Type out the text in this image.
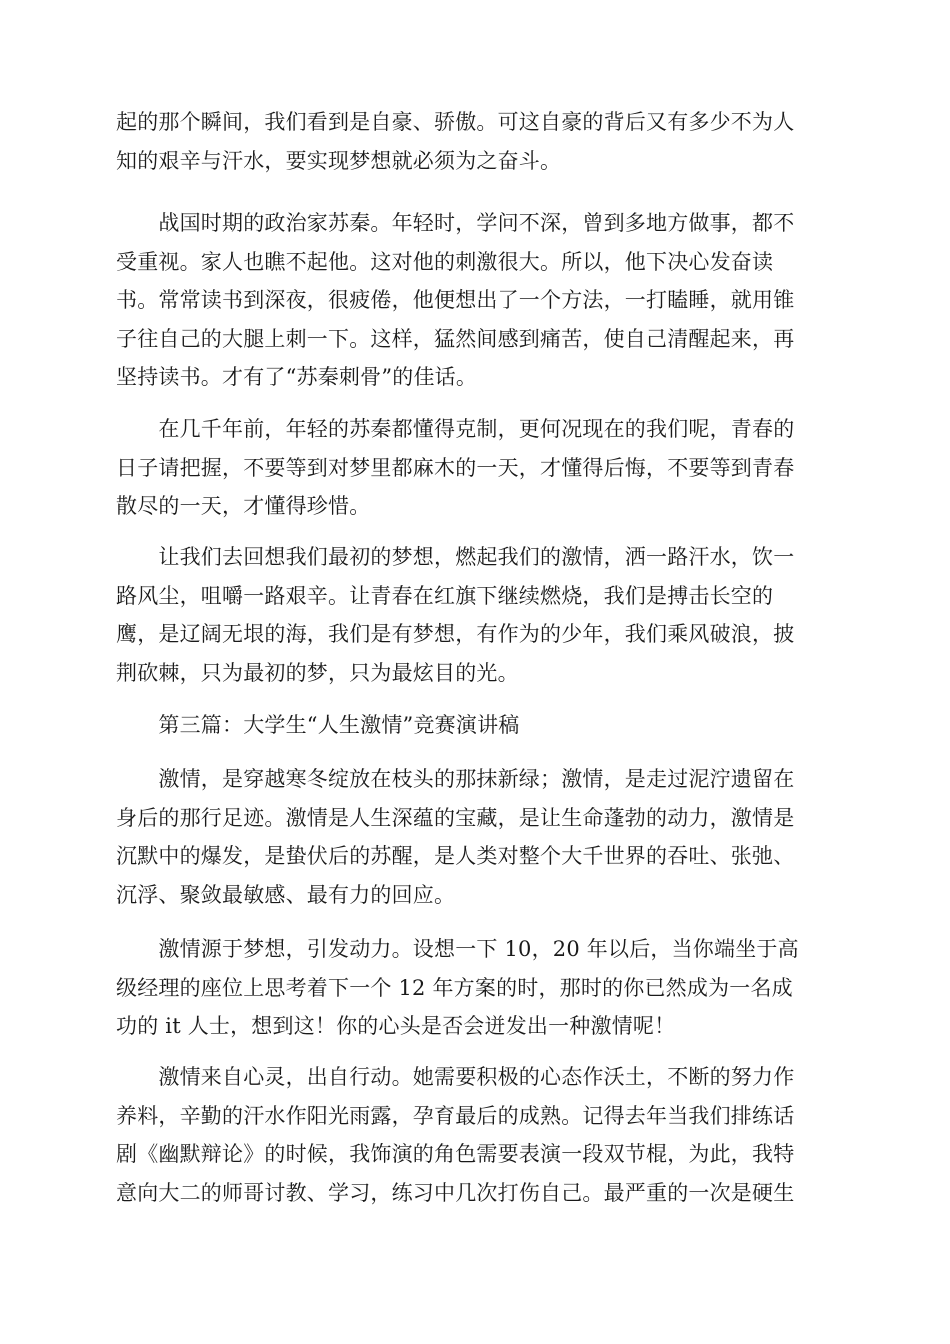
起的那个瞬间，我们看到是自豪、骄傲。可这自豪的背后又有多少不为人
知的艰辛与汗水，要实现梦想就必须为之奋斗。

　　战国时期的政治家苏秦。年轻时，学问不深，曾到多地方做事，都不
受重视。家人也瞧不起他。这对他的刺激很大。所以，他下决心发奋读
书。常常读书到深夜，很疲倦，他便想出了一个方法，一打瞌睡，就用锥
子往自己的大腿上刺一下。这样，猛然间感到痛苦，使自己清醒起来，再
坚持读书。才有了“苏秦刺骨”的佳话。

　　在几千年前，年轻的苏秦都懂得克制，更何况现在的我们呢，青春的
日子请把握，不要等到对梦里都麻木的一天，才懂得后悔，不要等到青春
散尽的一天，才懂得珍惜。

　　让我们去回想我们最初的梦想，燃起我们的激情，洒一路汗水，饮一
路风尘，咀嚼一路艰辛。让青春在红旗下继续燃烧，我们是搏击长空的
鹰，是辽阔无垠的海，我们是有梦想，有作为的少年，我们乘风破浪，披
荆砍棘，只为最初的梦，只为最炫目的光。

　　第三篇：大学生“人生激情”竞赛演讲稿

　　激情，是穿越寒冬绽放在枝头的那抹新绿；激情，是走过泥泞遗留在
身后的那行足迹。激情是人生深蕴的宝藏，是让生命蓬勃的动力，激情是
沉默中的爆发，是蛰伏后的苏醒，是人类对整个大千世界的吞吐、张弛、
沉浮、聚敛最敏感、最有力的回应。

　　激情源于梦想，引发动力。设想一下 10，20 年以后，当你端坐于高
级经理的座位上思考着下一个 12 年方案的时，那时的你已然成为一名成
功的 it 人士，想到这！你的心头是否会迸发出一种激情呢！

　　激情来自心灵，出自行动。她需要积极的心态作沃土，不断的努力作
养料，辛勤的汗水作阳光雨露，孕育最后的成熟。记得去年当我们排练话
剧《幽默辩论》的时候，我饰演的角色需要表演一段双节棍，为此，我特
意向大二的师哥讨教、学习，练习中几次打伤自己。最严重的一次是硬生
